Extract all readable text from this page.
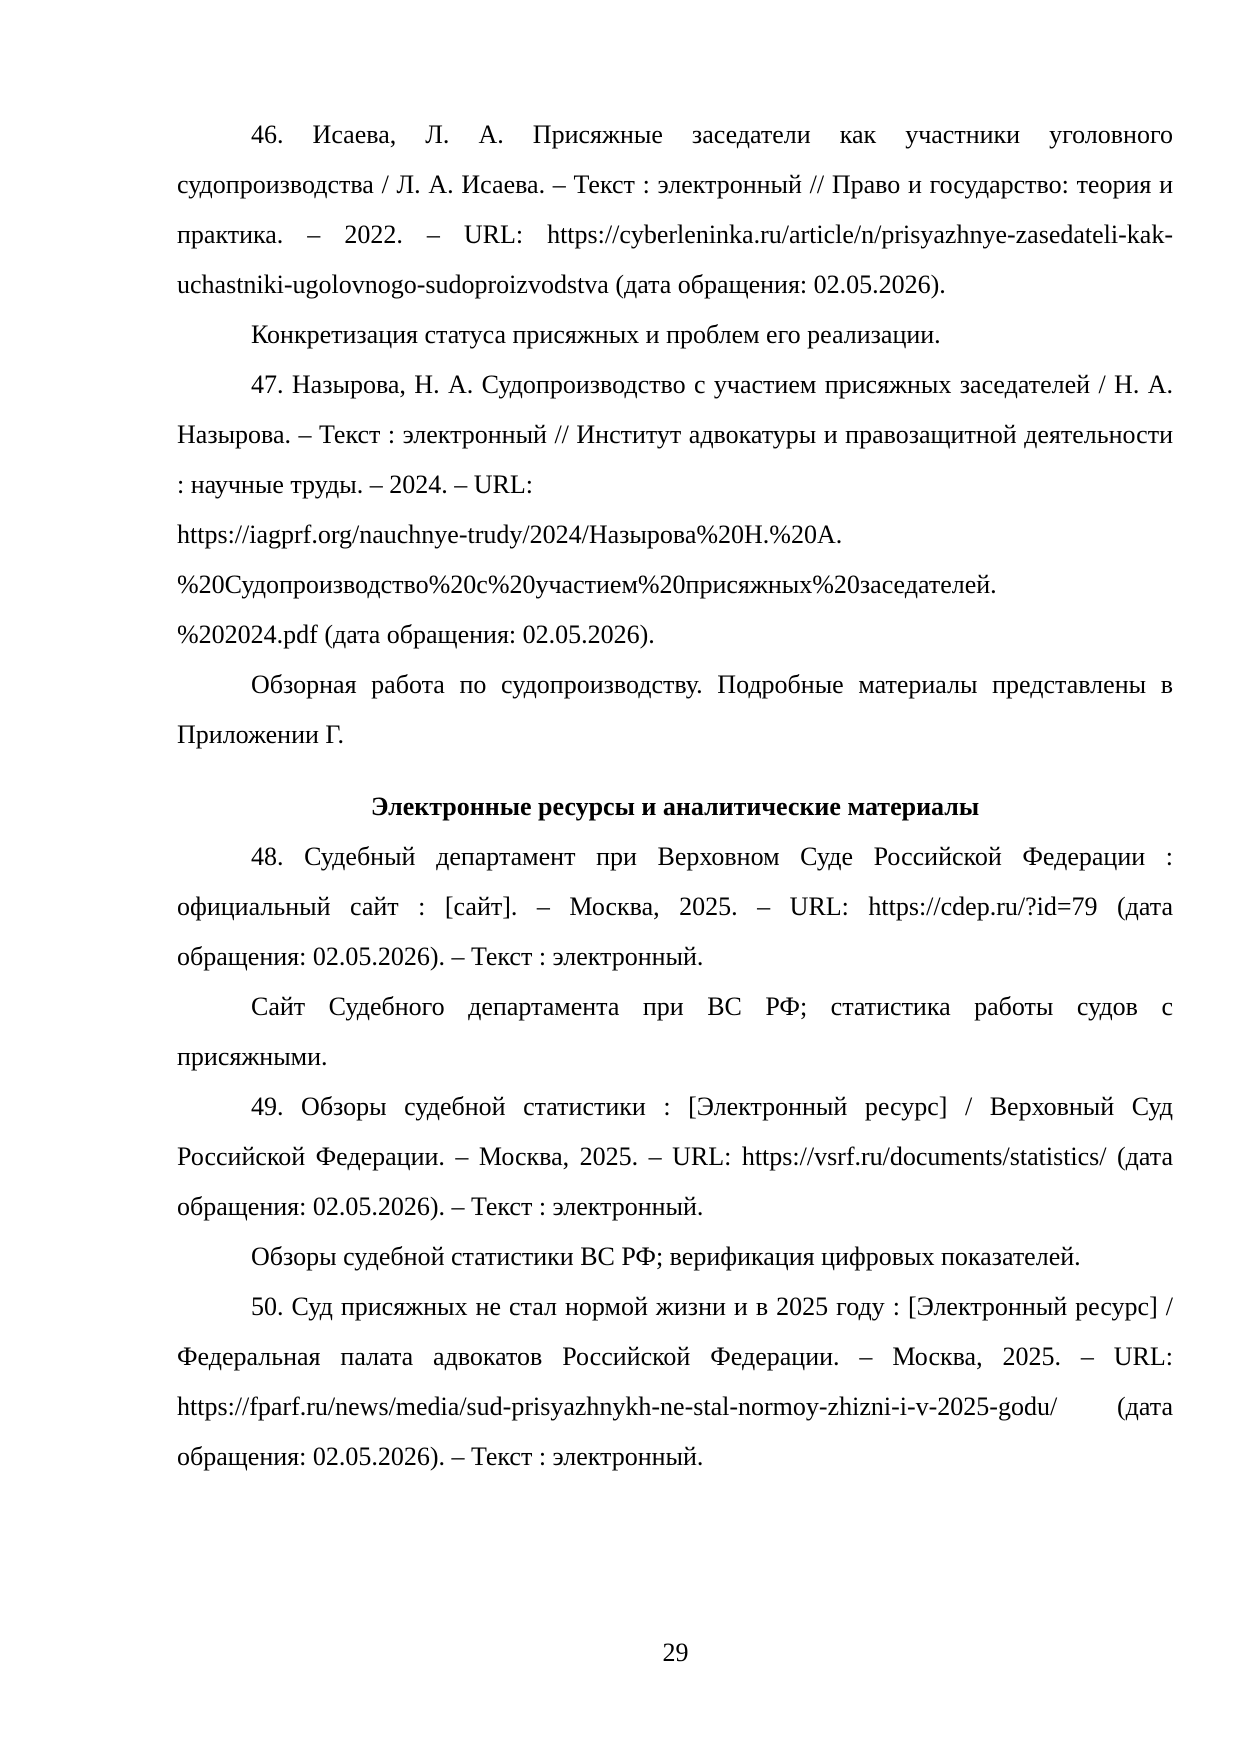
46. Исаева, Л. А. Присяжные заседатели как участники уголовного судопроизводства / Л. А. Исаева. – Текст : электронный // Право и государство: теория и практика. – 2022. – URL: https://cyberleninka.ru/article/n/prisyazhnye-zasedateli-kak-uchastniki-ugolovnogo-sudoproizvodstva (дата обращения: 02.05.2026).

Конкретизация статуса присяжных и проблем его реализации.

47. Назырова, Н. А. Судопроизводство с участием присяжных заседателей / Н. А. Назырова. – Текст : электронный // Институт адвокатуры и правозащитной деятельности : научные труды. – 2024. – URL:
https://iagprf.org/nauchnye-trudy/2024/Назырова%20Н.%20А.
%20Судопроизводство%20с%20участием%20присяжных%20заседателей.
%202024.pdf (дата обращения: 02.05.2026).

Обзорная работа по судопроизводству. Подробные материалы представлены в Приложении Г.

Электронные ресурсы и аналитические материалы

48. Судебный департамент при Верховном Суде Российской Федерации : официальный сайт : [сайт]. – Москва, 2025. – URL: https://cdep.ru/?id=79 (дата обращения: 02.05.2026). – Текст : электронный.

Сайт Судебного департамента при ВС РФ; статистика работы судов с присяжными.

49. Обзоры судебной статистики : [Электронный ресурс] / Верховный Суд Российской Федерации. – Москва, 2025. – URL: https://vsrf.ru/documents/statistics/ (дата обращения: 02.05.2026). – Текст : электронный.

Обзоры судебной статистики ВС РФ; верификация цифровых показателей.

50. Суд присяжных не стал нормой жизни и в 2025 году : [Электронный ресурс] / Федеральная палата адвокатов Российской Федерации. – Москва, 2025. – URL: https://fparf.ru/news/media/sud-prisyazhnykh-ne-stal-normoy-zhizni-i-v-2025-godu/ (дата обращения: 02.05.2026). – Текст : электронный.

29
